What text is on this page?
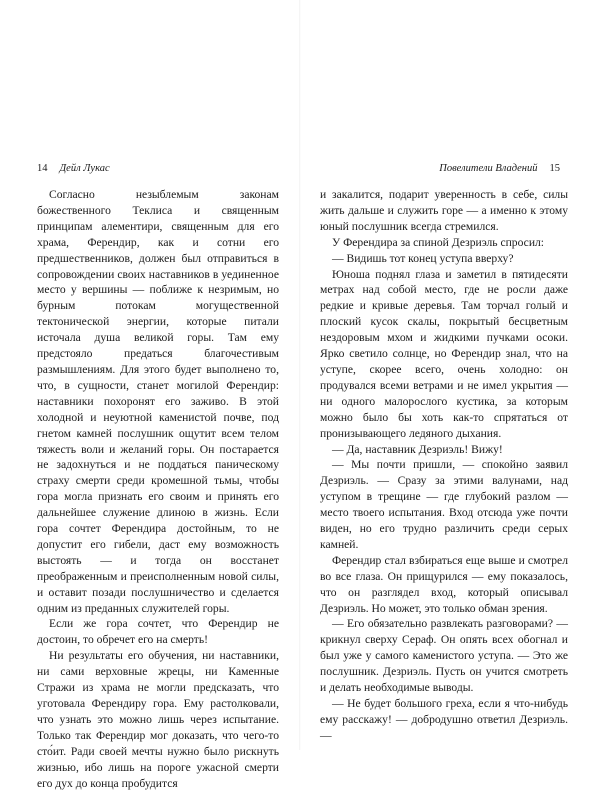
14 Дейл Лукас

Согласно незыблемым законам божественного Теклиса и священным принципам алементири, священным для его храма, Ферендир, как и сотни его предшественников, должен был отправиться в сопровождении своих наставников в уединенное место у вершины — поближе к незримым, но бурным потокам могущественной тектонической энергии, которые питали источала душа великой горы. Там ему предстояло предаться благочестивым размышлениям. Для этого будет выполнено то, что, в сущности, станет могилой Ферендир: наставники похоронят его заживо. В этой холодной и неуютной каменистой почве, под гнетом камней послушник ощутит всем телом тяжесть воли и желаний горы. Он постарается не задохнуться и не поддаться паническому страху смерти среди кромешной тьмы, чтобы гора могла признать его своим и принять его дальнейшее служение длиною в жизнь. Если гора сочтет Ферендира достойным, то не допустит его гибели, даст ему возможность выстоять — и тогда он восстанет преображенным и преисполненным новой силы, и оставит позади послушничество и сделается одним из преданных служителей горы.

Если же гора сочтет, что Ферендир не достоин, то обречет его на смерть!

Ни результаты его обучения, ни наставники, ни сами верховные жрецы, ни Каменные Стражи из храма не могли предсказать, что уготовала Ферендиру гора. Ему растолковали, что узнать это можно лишь через испытание. Только так Ферендир мог доказать, что чего-то сто́ит. Ради своей мечты нужно было рискнуть жизнью, ибо лишь на пороге ужасной смерти его дух до конца пробудится

Повелители Владений 15

и закалится, подарит уверенность в себе, силы жить дальше и служить горе — а именно к этому юный послушник всегда стремился.

У Ферендира за спиной Дезриэль спросил:

— Видишь тот конец уступа вверху?

Юноша поднял глаза и заметил в пятидесяти метрах над собой место, где не росли даже редкие и кривые деревья. Там торчал голый и плоский кусок скалы, покрытый бесцветным нездоровым мхом и жидкими пучками осоки. Ярко светило солнце, но Ферендир знал, что на уступе, скорее всего, очень холодно: он продувался всеми ветрами и не имел укрытия — ни одного малорослого кустика, за которым можно было бы хоть как-то спрятаться от пронизывающего ледяного дыхания.

— Да, наставник Дезриэль! Вижу!

— Мы почти пришли, — спокойно заявил Дезриэль. — Сразу за этими валунами, над уступом в трещине — где глубокий разлом — место твоего испытания. Вход отсюда уже почти виден, но его трудно различить среди серых камней.

Ферендир стал взбираться еще выше и смотрел во все глаза. Он прищурился — ему показалось, что он разглядел вход, который описывал Дезриэль. Но может, это только обман зрения.

— Его обязательно развлекать разговорами? — крикнул сверху Сераф. Он опять всех обогнал и был уже у самого каменистого уступа. — Это же послушник. Дезриэль. Пусть он учится смотреть и делать необходимые выводы.

— Не будет большого греха, если я что-нибудь ему расскажу! — добродушно ответил Дезриэль. —
